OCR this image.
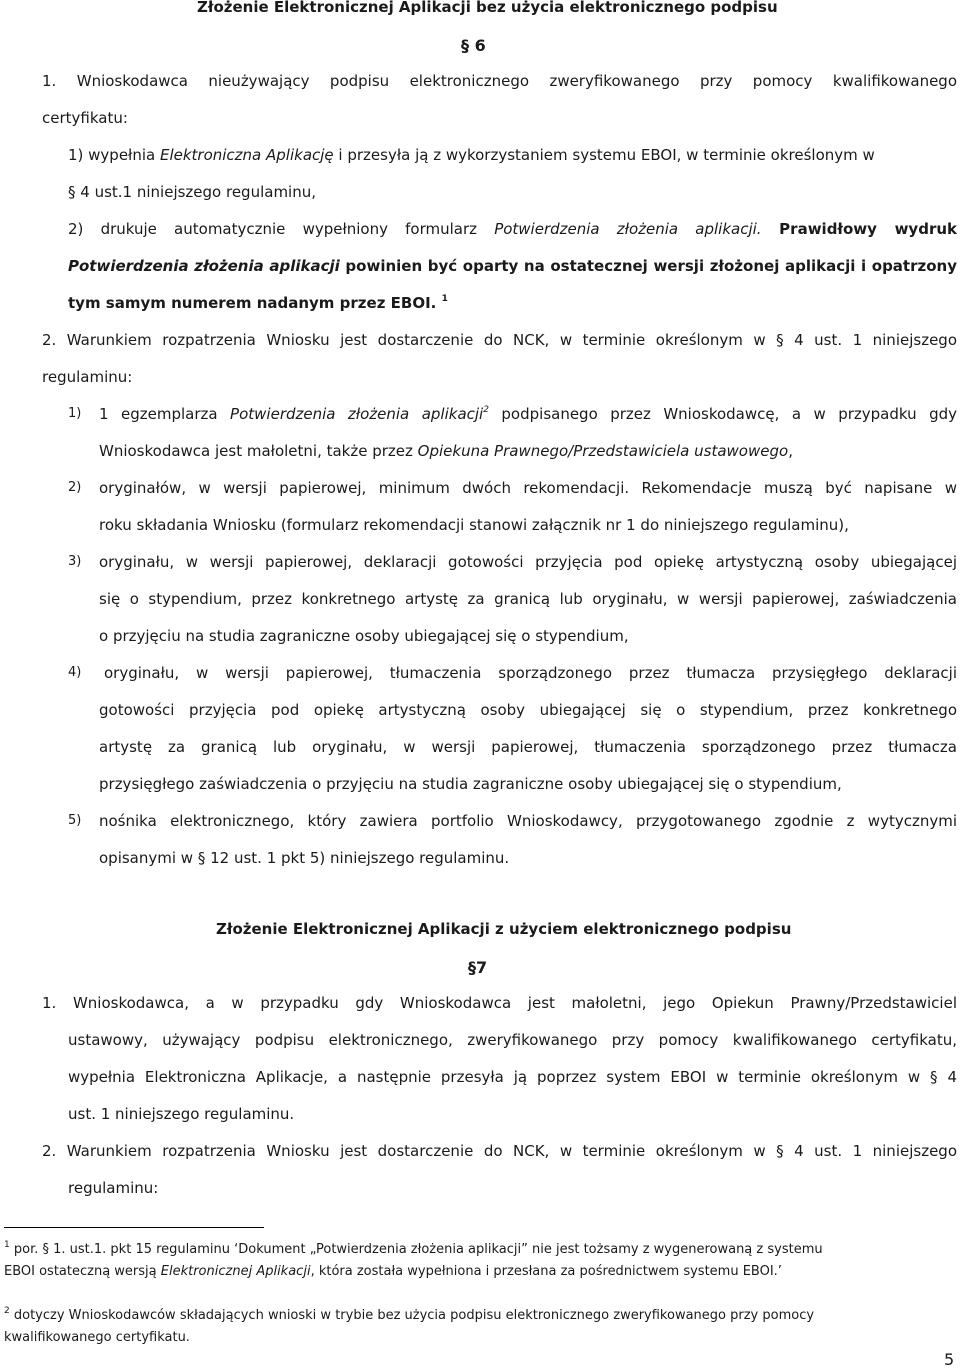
Złożenie Elektronicznej Aplikacji bez użycia elektronicznego podpisu
§ 6
1. Wnioskodawca nieużywający podpisu elektronicznego zweryfikowanego przy pomocy kwalifikowanego
certyfikatu:
1) wypełnia Elektroniczna Aplikację i przesyła ją z wykorzystaniem systemu EBOI, w terminie określonym w
§ 4 ust.1 niniejszego regulaminu,
2) drukuje automatycznie wypełniony formularz Potwierdzenia złożenia aplikacji. Prawidłowy wydruk
Potwierdzenia złożenia aplikacji powinien być oparty na ostatecznej wersji złożonej aplikacji i opatrzony
tym samym numerem nadanym przez EBOI. $^1$
2. Warunkiem rozpatrzenia Wniosku jest dostarczenie do NCK, w terminie określonym w § 4 ust. 1 niniejszego
regulaminu:
1) 1 egzemplarza Potwierdzenia złożenia aplikacji$^2$ podpisanego przez Wnioskodawcę, a w przypadku gdy
Wnioskodawca jest małoletni, także przez Opiekuna Prawnego/Przedstawiciela ustawowego,
2) oryginałów, w wersji papierowej, minimum dwóch rekomendacji. Rekomendacje muszą być napisane w
roku składania Wniosku (formularz rekomendacji stanowi załącznik nr 1 do niniejszego regulaminu),
3) oryginału, w wersji papierowej, deklaracji gotowości przyjęcia pod opiekę artystyczną osoby ubiegającej
się o stypendium, przez konkretnego artystę za granicą lub oryginału, w wersji papierowej, zaświadczenia
o przyjęciu na studia zagraniczne osoby ubiegającej się o stypendium,
4) oryginału, w wersji papierowej, tłumaczenia sporządzonego przez tłumacza przysięgłego deklaracji
gotowości przyjęcia pod opiekę artystyczną osoby ubiegającej się o stypendium, przez konkretnego
artystę za granicą lub oryginału, w wersji papierowej, tłumaczenia sporządzonego przez tłumacza
przysięgłego zaświadczenia o przyjęciu na studia zagraniczne osoby ubiegającej się o stypendium,
5) nośnika elektronicznego, który zawiera portfolio Wnioskodawcy, przygotowanego zgodnie z wytycznymi
opisanymi w § 12 ust. 1 pkt 5) niniejszego regulaminu.
Złożenie Elektronicznej Aplikacji z użyciem elektronicznego podpisu
§7
1. Wnioskodawca, a w przypadku gdy Wnioskodawca jest małoletni, jego Opiekun Prawny/Przedstawiciel
ustawowy, używający podpisu elektronicznego, zweryfikowanego przy pomocy kwalifikowanego certyfikatu,
wypełnia Elektroniczna Aplikacje, a następnie przesyła ją poprzez system EBOI w terminie określonym w § 4
ust. 1 niniejszego regulaminu.
2. Warunkiem rozpatrzenia Wniosku jest dostarczenie do NCK, w terminie określonym w § 4 ust. 1 niniejszego
regulaminu:
$^1$ por. § 1. ust.1. pkt 15 regulaminu ‘Dokument „Potwierdzenia złożenia aplikacji” nie jest tożsamy z wygenerowaną z systemu
EBOI ostateczną wersją Elektronicznej Aplikacji, która została wypełniona i przesłana za pośrednictwem systemu EBOI.’
$^2$ dotyczy Wnioskodawców składających wnioski w trybie bez użycia podpisu elektronicznego zweryfikowanego przy pomocy
kwalifikowanego certyfikatu.
5
